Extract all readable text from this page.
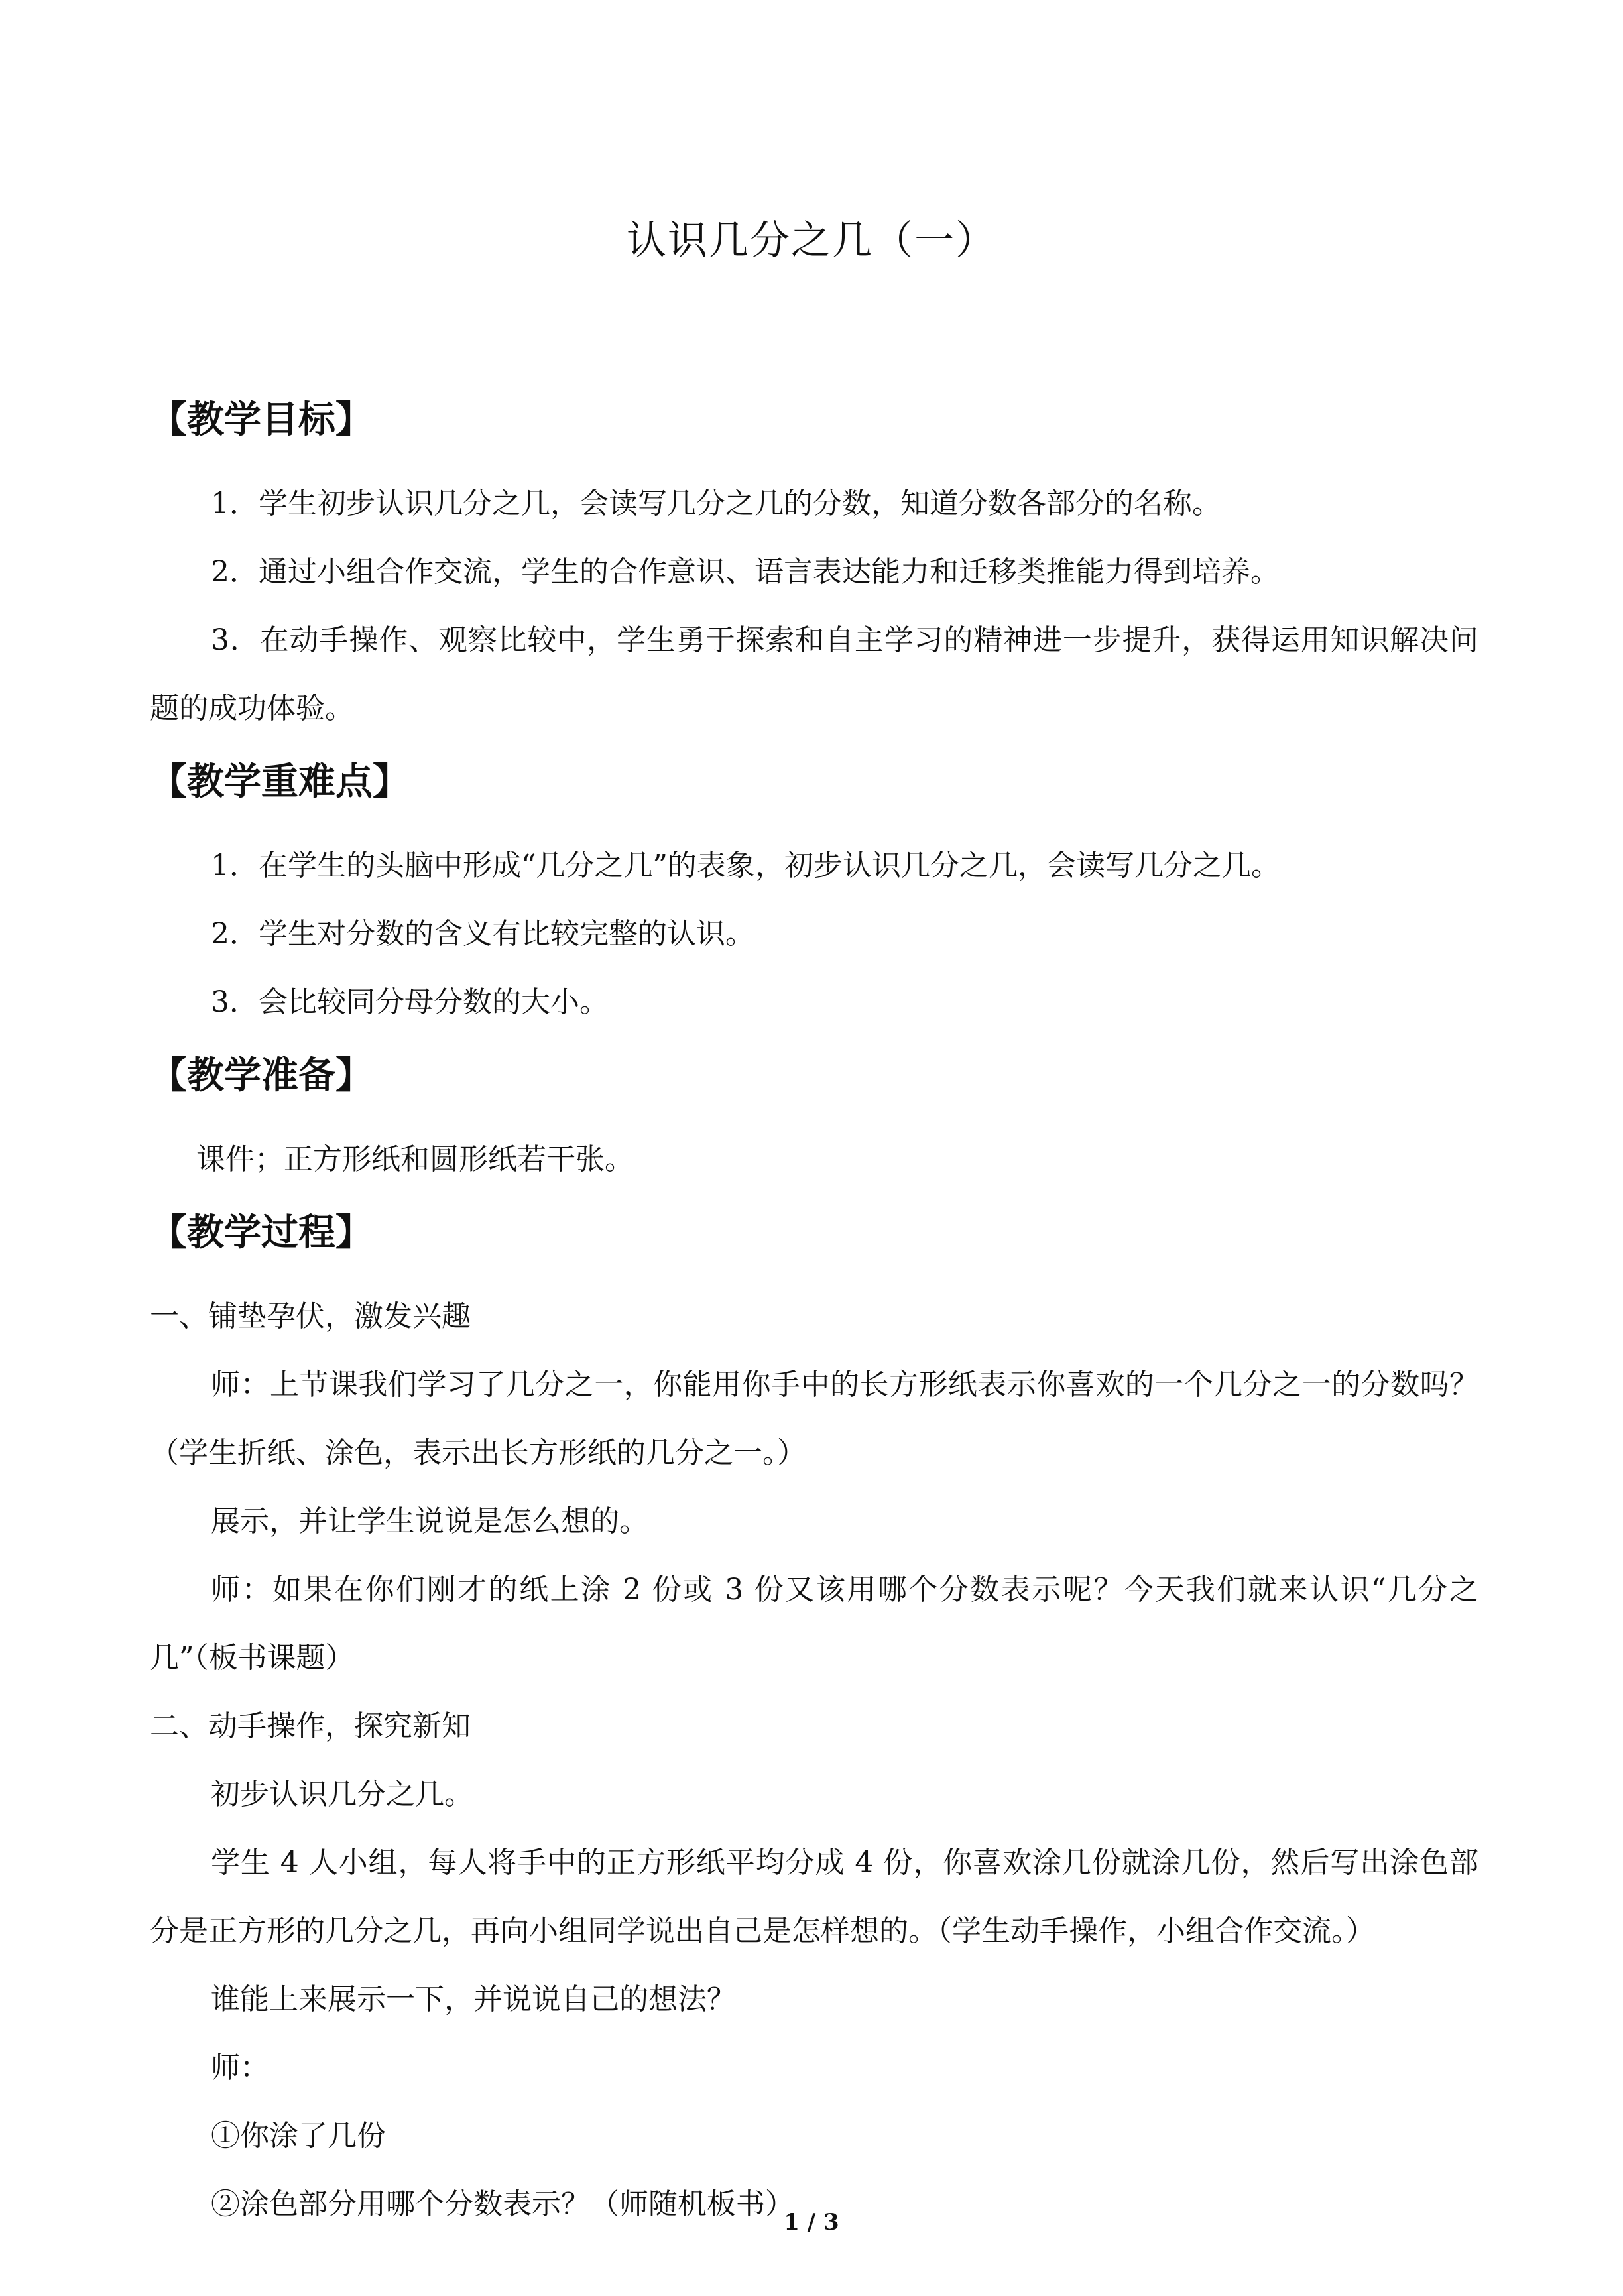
认识几分之几（一）
【教学目标】

1．学生初步认识几分之几，会读写几分之几的分数，知道分数各部分的名称。

2．通过小组合作交流，学生的合作意识、语言表达能力和迁移类推能力得到培养。

3．在动手操作、观察比较中，学生勇于探索和自主学习的精神进一步提升，获得运用知识解决问题的成功体验。

【教学重难点】

1．在学生的头脑中形成“几分之几”的表象，初步认识几分之几，会读写几分之几。

2．学生对分数的含义有比较完整的认识。

3．会比较同分母分数的大小。

【教学准备】

课件；正方形纸和圆形纸若干张。

【教学过程】

一、铺垫孕伏，激发兴趣

师：上节课我们学习了几分之一，你能用你手中的长方形纸表示你喜欢的一个几分之一的分数吗？（学生折纸、涂色，表示出长方形纸的几分之一。）

展示，并让学生说说是怎么想的。

师：如果在你们刚才的纸上涂 2 份或 3 份又该用哪个分数表示呢？今天我们就来认识“几分之几”（板书课题）

二、动手操作，探究新知

初步认识几分之几。

学生 4 人小组，每人将手中的正方形纸平均分成 4 份，你喜欢涂几份就涂几份，然后写出涂色部分是正方形的几分之几，再向小组同学说出自己是怎样想的。（学生动手操作，小组合作交流。）

谁能上来展示一下，并说说自己的想法？

师：

①你涂了几份

②涂色部分用哪个分数表示？（师随机板书）

1 / 3
